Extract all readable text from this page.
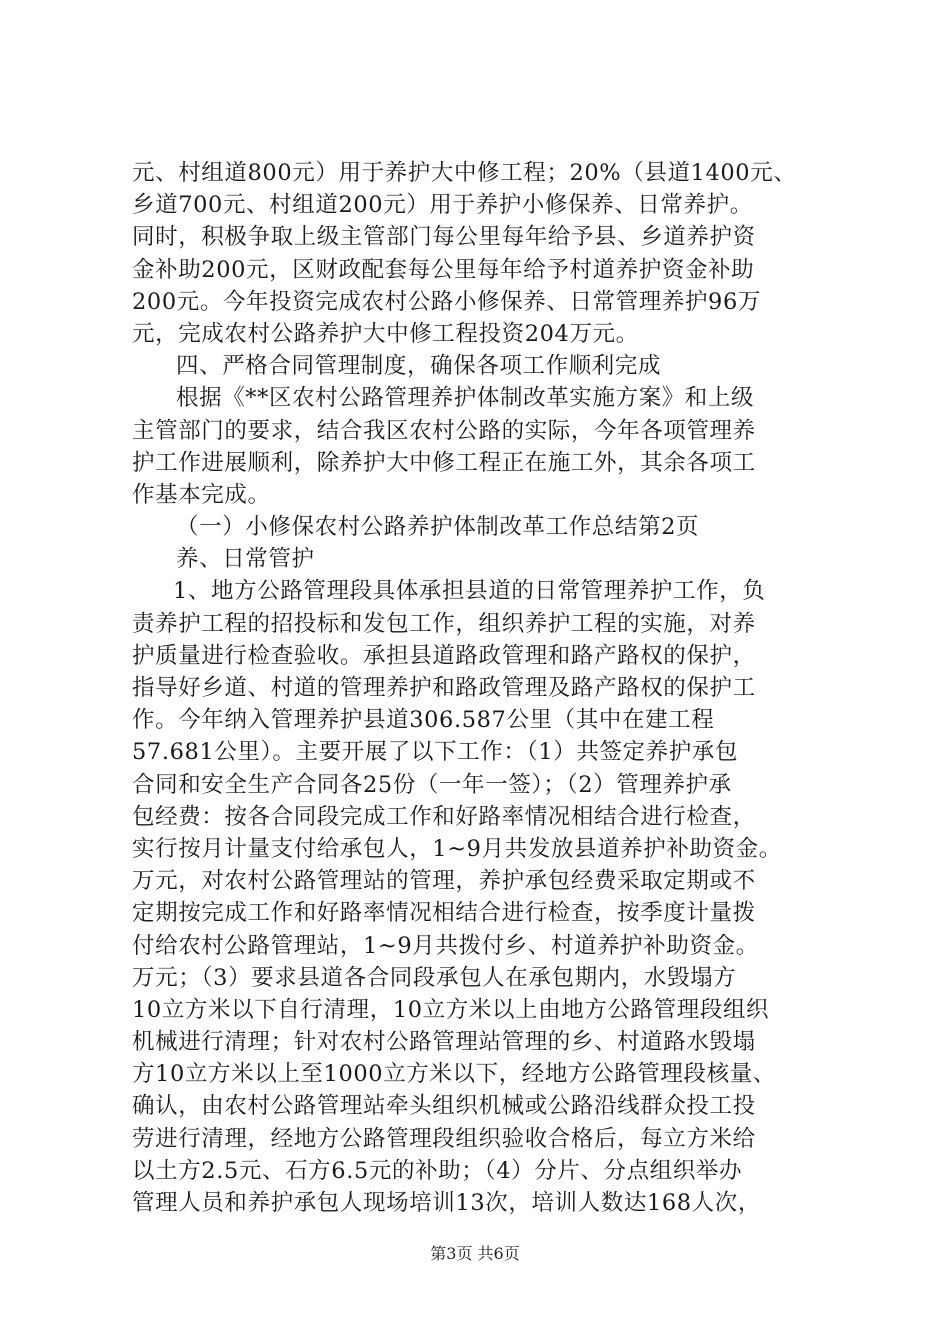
元、村组道800元）用于养护大中修工程；20%（县道1400元、
乡道700元、村组道200元）用于养护小修保养、日常养护。
同时，积极争取上级主管部门每公里每年给予县、乡道养护资
金补助200元，区财政配套每公里每年给予村道养护资金补助
200元。今年投资完成农村公路小修保养、日常管理养护96万
元，完成农村公路养护大中修工程投资204万元。
四、严格合同管理制度，确保各项工作顺利完成
根据《**区农村公路管理养护体制改革实施方案》和上级
主管部门的要求，结合我区农村公路的实际，今年各项管理养
护工作进展顺利，除养护大中修工程正在施工外，其余各项工
作基本完成。
（一）小修保农村公路养护体制改革工作总结第2页
养、日常管护
1、地方公路管理段具体承担县道的日常管理养护工作，负
责养护工程的招投标和发包工作，组织养护工程的实施，对养
护质量进行检查验收。承担县道路政管理和路产路权的保护，
指导好乡道、村道的管理养护和路政管理及路产路权的保护工
作。今年纳入管理养护县道306.587公里（其中在建工程
57.681公里）。主要开展了以下工作：（1）共签定养护承包
合同和安全生产合同各25份（一年一签）；（2）管理养护承
包经费：按各合同段完成工作和好路率情况相结合进行检查，
实行按月计量支付给承包人，1~9月共发放县道养护补助资金。
万元，对农村公路管理站的管理，养护承包经费采取定期或不
定期按完成工作和好路率情况相结合进行检查，按季度计量拨
付给农村公路管理站，1~9月共拨付乡、村道养护补助资金。
万元；（3）要求县道各合同段承包人在承包期内，水毁塌方
10立方米以下自行清理，10立方米以上由地方公路管理段组织
机械进行清理；针对农村公路管理站管理的乡、村道路水毁塌
方10立方米以上至1000立方米以下，经地方公路管理段核量、
确认，由农村公路管理站牵头组织机械或公路沿线群众投工投
劳进行清理，经地方公路管理段组织验收合格后，每立方米给
以土方2.5元、石方6.5元的补助；（4）分片、分点组织举办
管理人员和养护承包人现场培训13次，培训人数达168人次，
第3页 共6页
